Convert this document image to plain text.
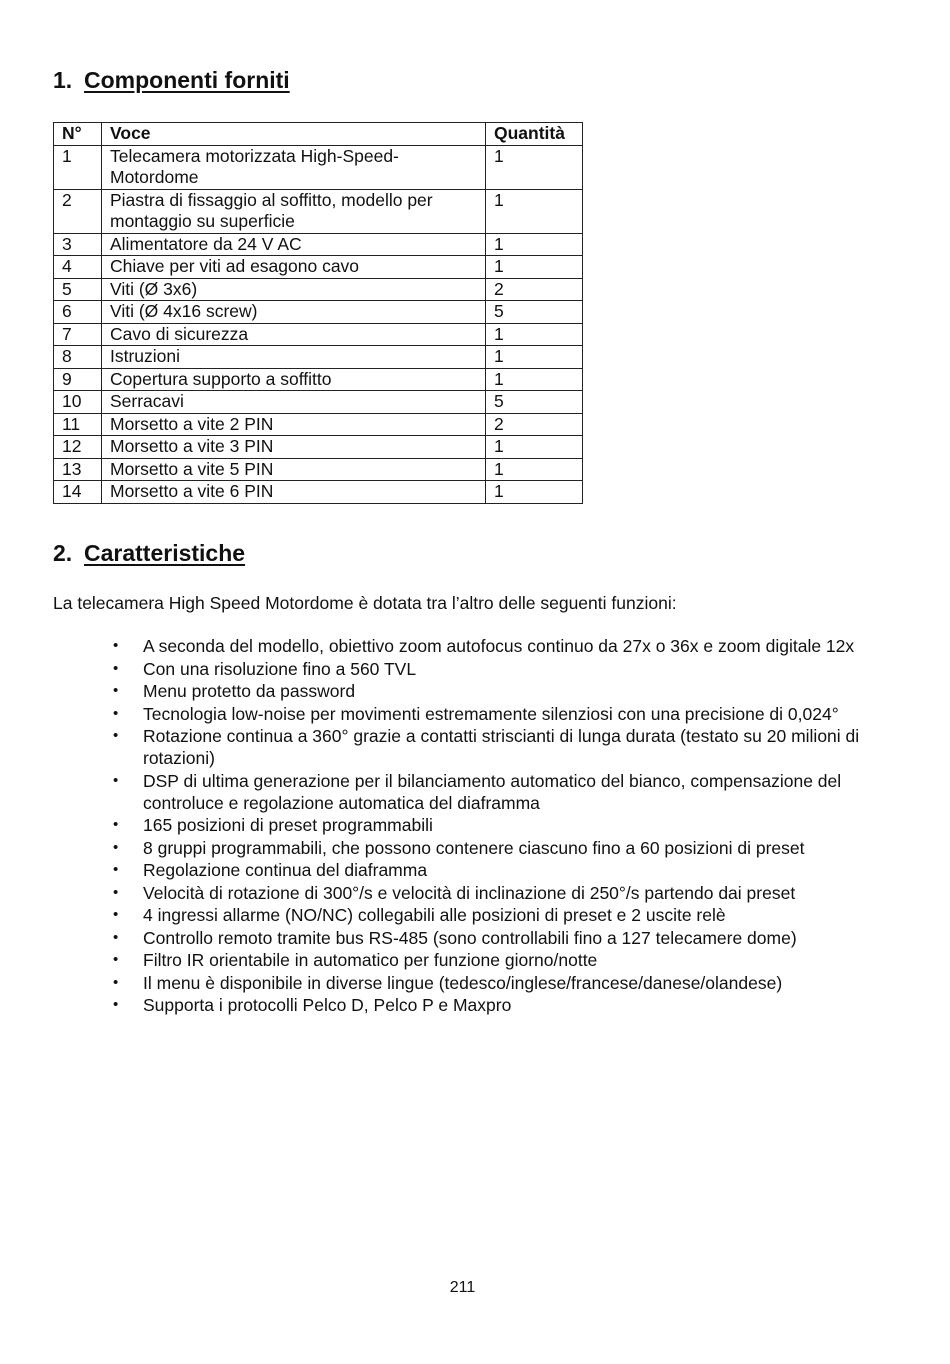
1. Componenti forniti
N°	Voce	Quantità
1	Telecamera motorizzata High-Speed-Motordome	1
2	Piastra di fissaggio al soffitto, modello per montaggio su superficie	1
3	Alimentatore da 24 V AC	1
4	Chiave per viti ad esagono cavo	1
5	Viti (Ø 3x6)	2
6	Viti (Ø 4x16 screw)	5
7	Cavo di sicurezza	1
8	Istruzioni	1
9	Copertura supporto a soffitto	1
10	Serracavi	5
11	Morsetto a vite 2 PIN	2
12	Morsetto a vite 3 PIN	1
13	Morsetto a vite 5 PIN	1
14	Morsetto a vite 6 PIN	1
2. Caratteristiche

La telecamera High Speed Motordome è dotata tra l’altro delle seguenti funzioni:

• A seconda del modello, obiettivo zoom autofocus continuo da 27x o 36x e zoom digitale 12x
• Con una risoluzione fino a 560 TVL
• Menu protetto da password
• Tecnologia low-noise per movimenti estremamente silenziosi con una precisione di 0,024°
• Rotazione continua a 360° grazie a contatti striscianti di lunga durata (testato su 20 milioni di rotazioni)
• DSP di ultima generazione per il bilanciamento automatico del bianco, compensazione del controluce e regolazione automatica del diaframma
• 165 posizioni di preset programmabili
• 8 gruppi programmabili, che possono contenere ciascuno fino a 60 posizioni di preset
• Regolazione continua del diaframma
• Velocità di rotazione di 300°/s e velocità di inclinazione di 250°/s partendo dai preset
• 4 ingressi allarme (NO/NC) collegabili alle posizioni di preset e 2 uscite relè
• Controllo remoto tramite bus RS-485 (sono controllabili fino a 127 telecamere dome)
• Filtro IR orientabile in automatico per funzione giorno/notte
• Il menu è disponibile in diverse lingue (tedesco/inglese/francese/danese/olandese)
• Supporta i protocolli Pelco D, Pelco P e Maxpro

211
